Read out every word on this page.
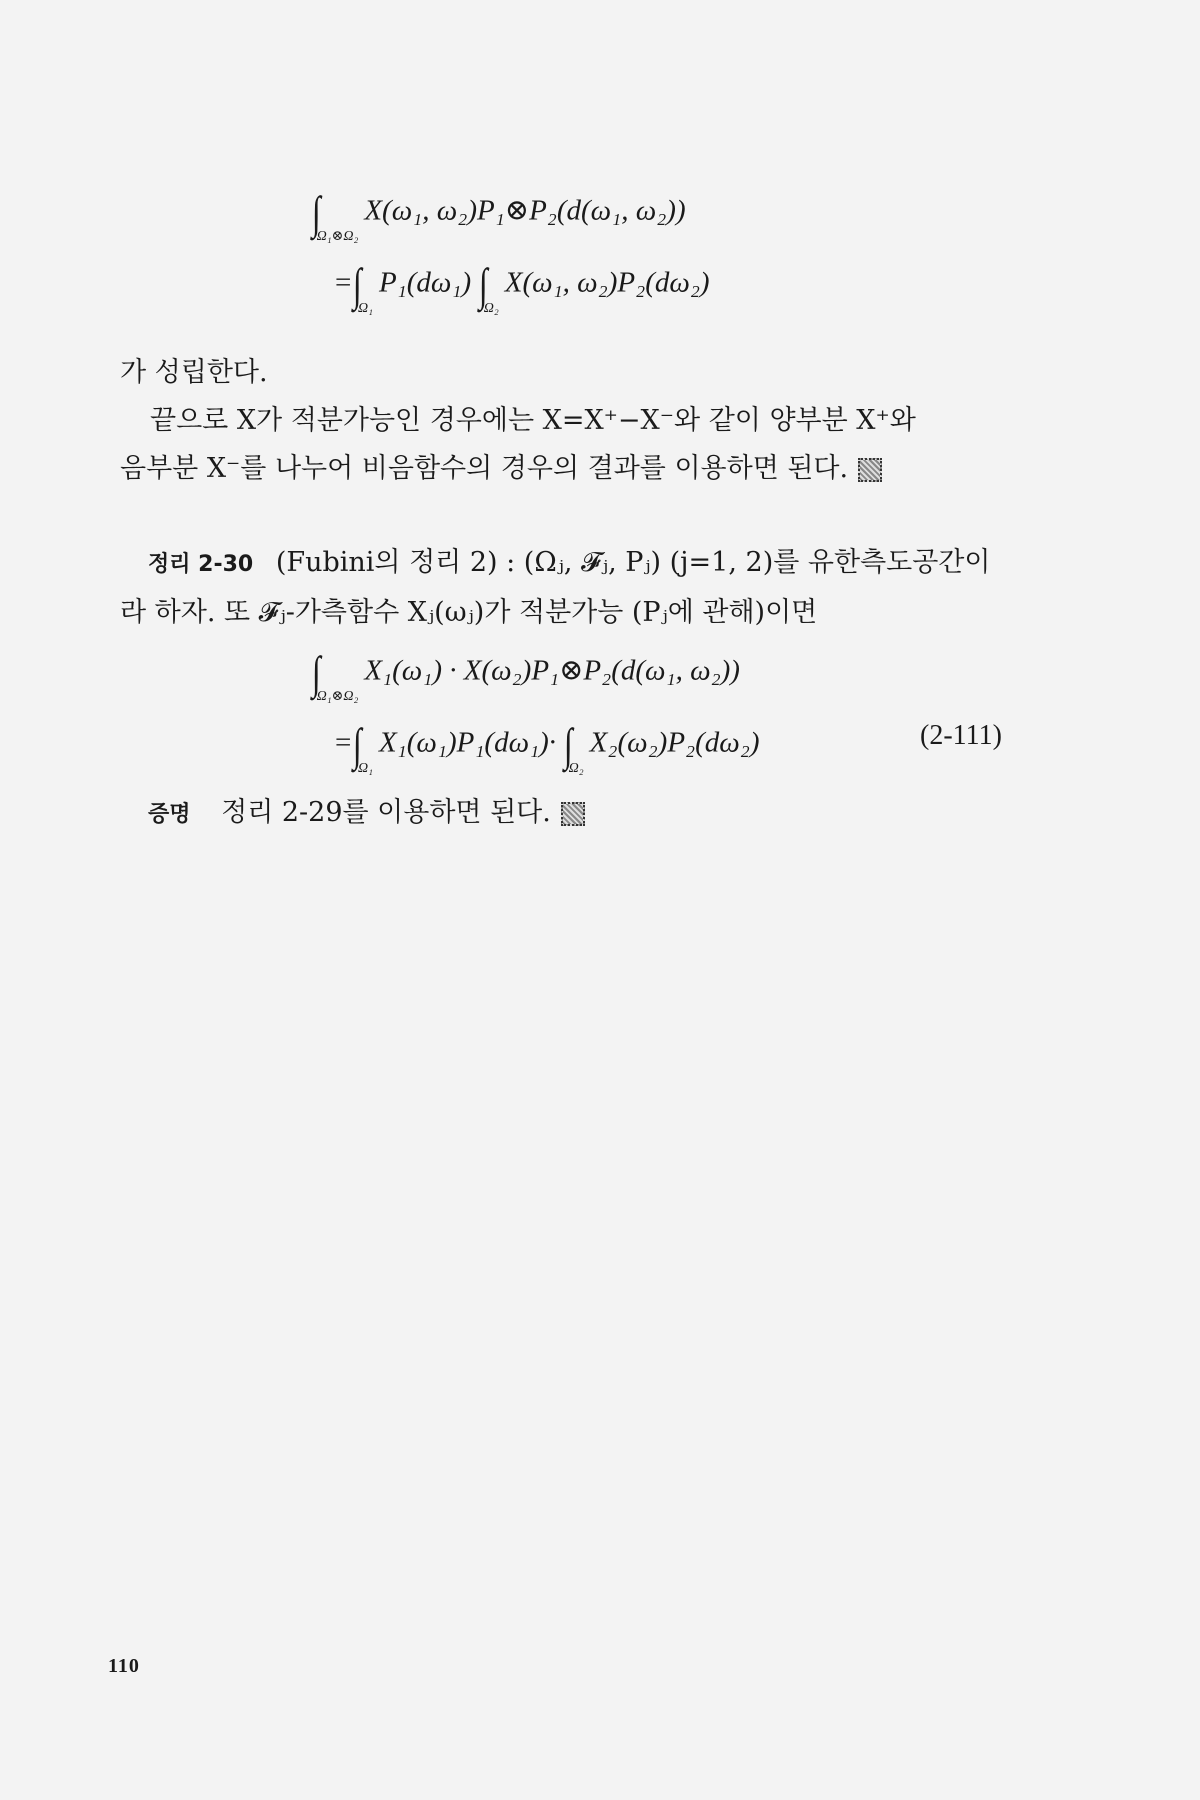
$\int_{\Omega_1\otimes\Omega_2}X(\omega_1$, ω₂)P₁⊗P₂(d(ω₁, ω₂))
$=\int_{\Omega_1}P_1(d\omega_1)$ $\int_{\Omega_2}X(\omega_1$, ω₂)P₂(dω₂)
가 성립한다.
끝으로 X가 적분가능인 경우에는 X=X⁺−X⁻와 같이 양부분 X⁺와
음부분 X⁻를 나누어 비음함수의 경우의 결과를 이용하면 된다.
정리 2-30 (Fubini의 정리 2) : (Ωⱼ, 𝓕ⱼ, Pⱼ) (j=1, 2)를 유한측도공간이
라 하자. 또 𝓕ⱼ-가측함수 Xⱼ(ωⱼ)가 적분가능 (Pⱼ에 관해)이면
$\int_{\Omega_1\otimes\Omega_2}X_1(\omega_1)$ · X(ω₂)P₁⊗P₂(d(ω₁, ω₂))
$=\int_{\Omega_1}X_1(\omega_1)P_1(d\omega_1)\cdot \int_{\Omega_2}X_2(\omega_2)P_2(d\omega_2)$	(2-111)
증명 정리 2-29를 이용하면 된다.
110
